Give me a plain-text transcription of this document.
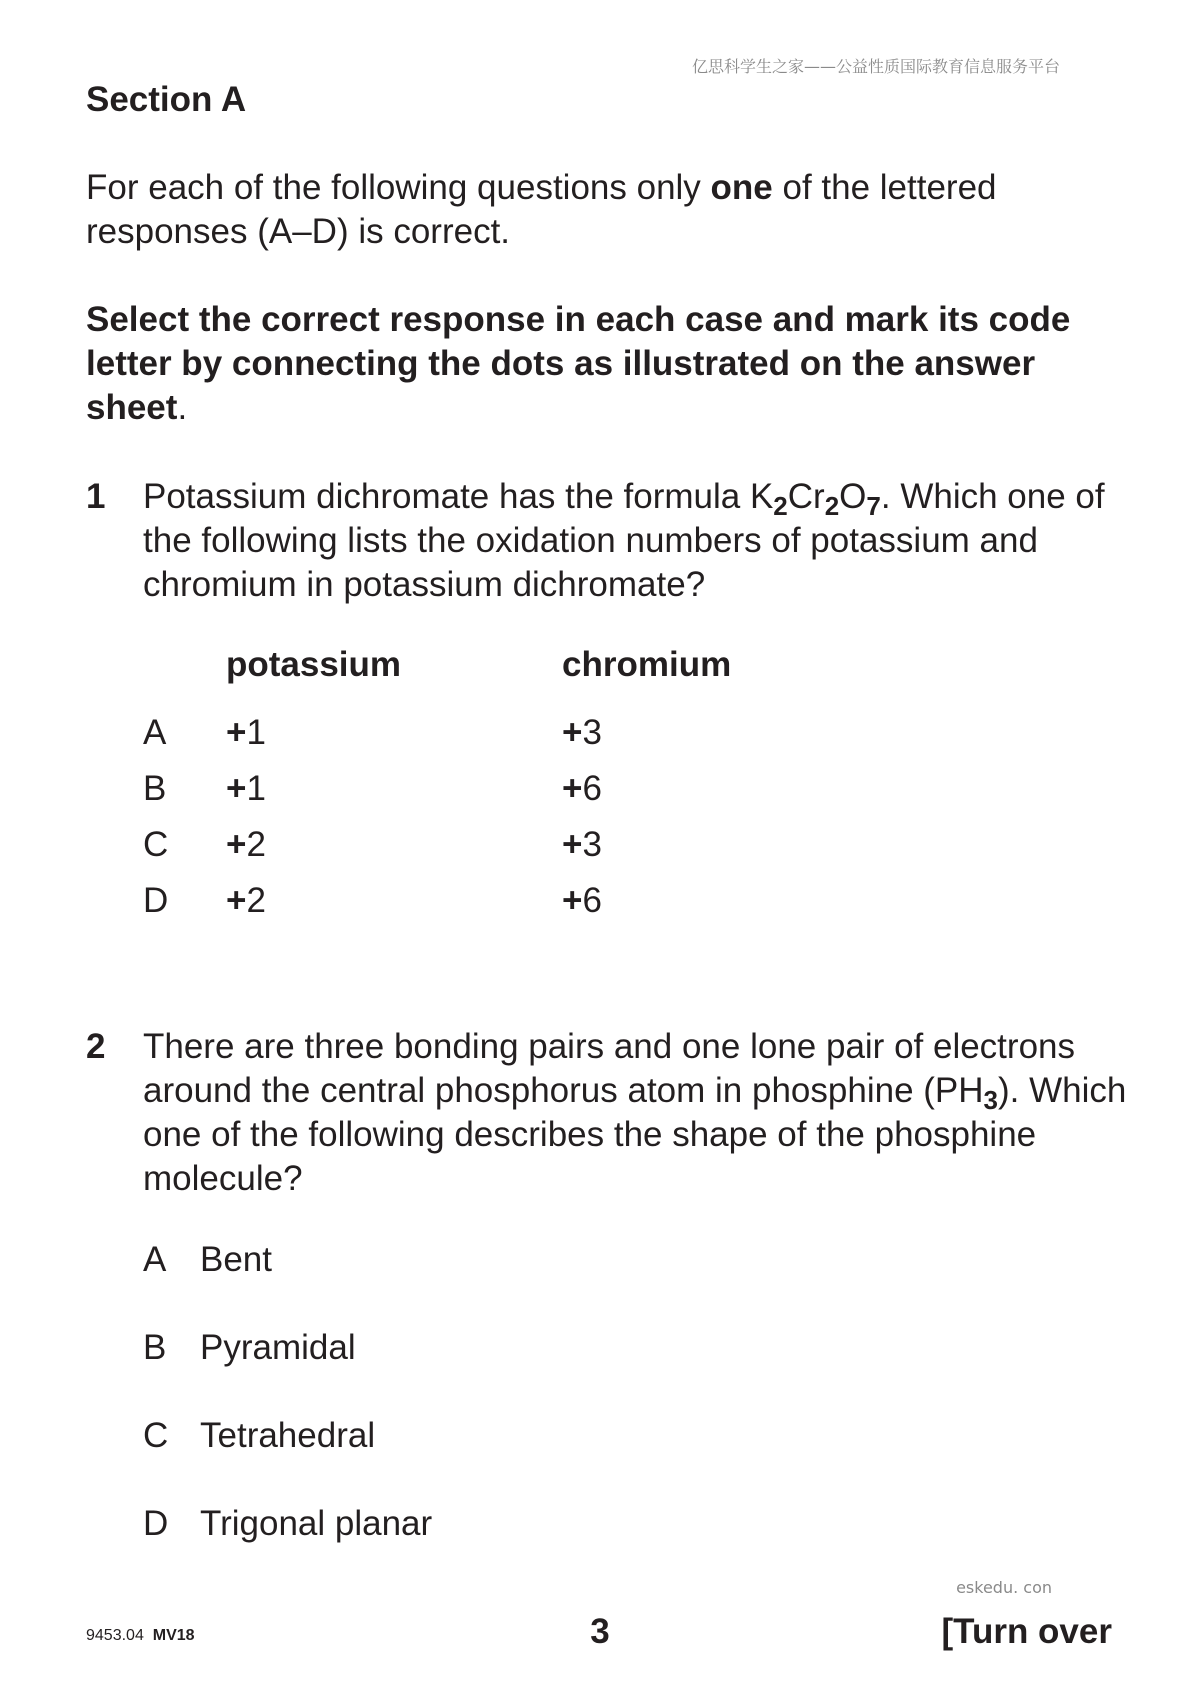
亿思科学生之家——公益性质国际教育信息服务平台
Section A
For each of the following questions only one of the lettered responses (A–D) is correct.
Select the correct response in each case and mark its code letter by connecting the dots as illustrated on the answer sheet.
1 Potassium dichromate has the formula $K_2Cr_2O_7$. Which one of the following lists the oxidation numbers of potassium and chromium in potassium dichromate?
potassium	chromium
A +1	+3
B +1	+6
C +2	+3
D +2	+6
2 There are three bonding pairs and one lone pair of electrons around the central phosphorus atom in phosphine $(PH_3)$. Which one of the following describes the shape of the phosphine molecule?
A Bent
B Pyramidal
C Tetrahedral
D Trigonal planar
eskedu. con
9453.04 MV18	3	[Turn over
